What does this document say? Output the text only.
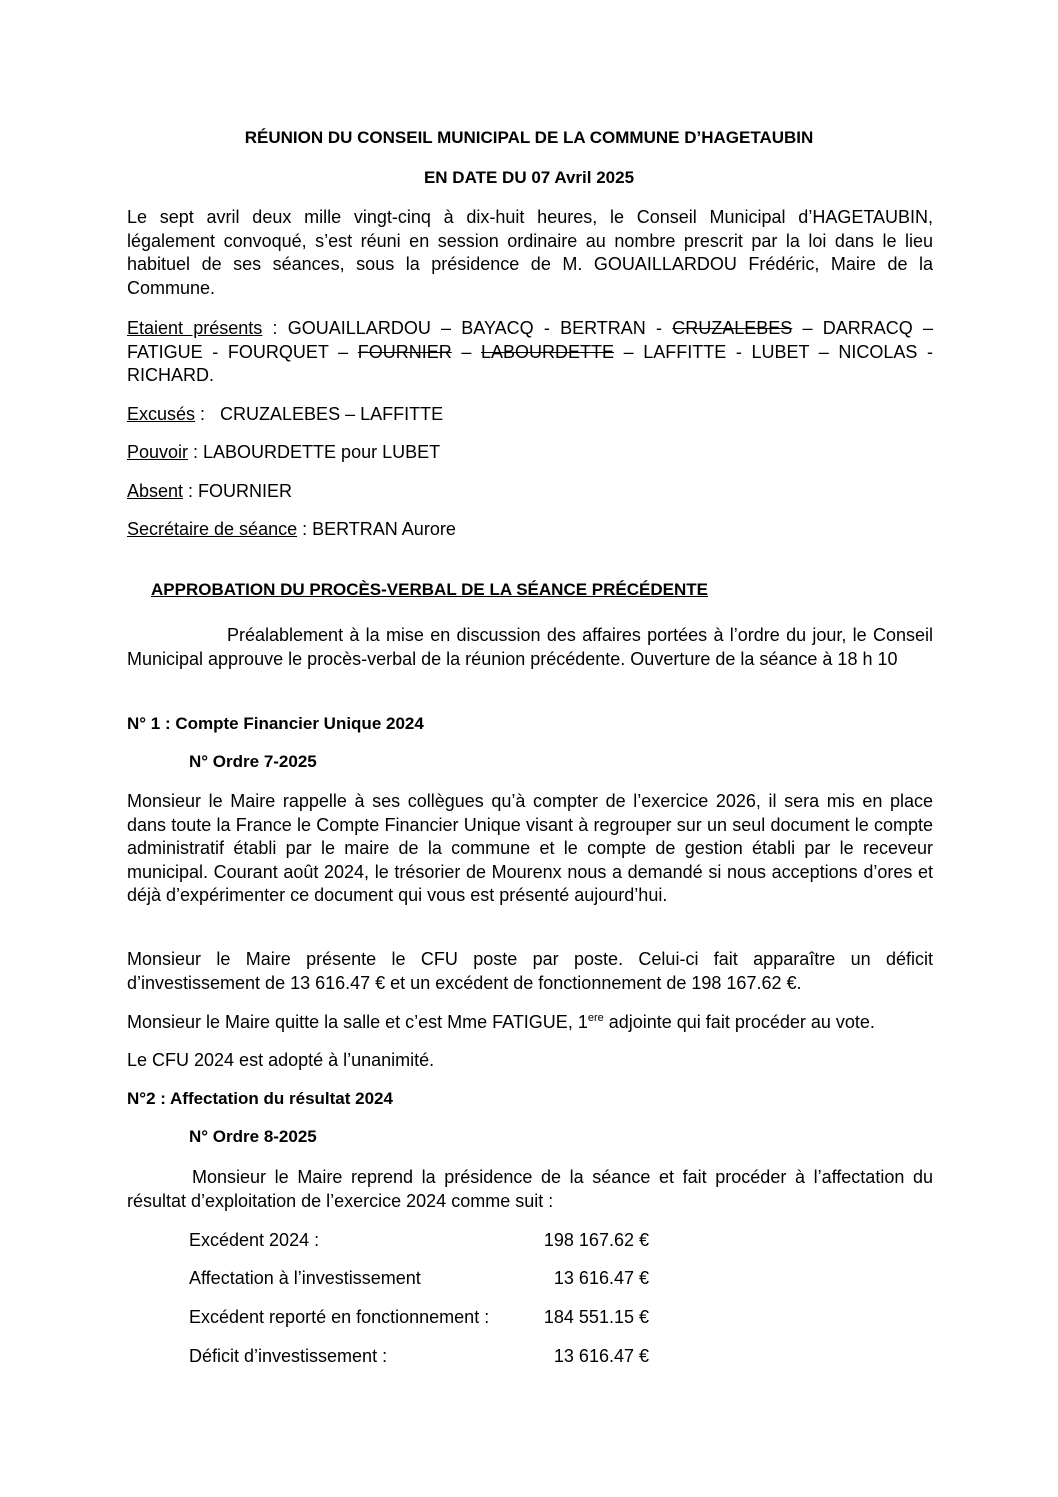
RÉUNION DU CONSEIL MUNICIPAL DE LA COMMUNE D’HAGETAUBIN

EN DATE DU 07 Avril 2025

Le sept avril deux mille vingt-cinq à dix-huit heures, le Conseil Municipal d’HAGETAUBIN, légalement convoqué, s’est réuni en session ordinaire au nombre prescrit par la loi dans le lieu habituel de ses séances, sous la présidence de M. GOUAILLARDOU Frédéric, Maire de la Commune.

Etaient présents : GOUAILLARDOU – BAYACQ - BERTRAN - CRUZALEBES – DARRACQ – FATIGUE - FOURQUET – FOURNIER – LABOURDETTE – LAFFITTE - LUBET – NICOLAS - RICHARD.

Excusés :   CRUZALEBES – LAFFITTE

Pouvoir : LABOURDETTE pour LUBET

Absent : FOURNIER

Secrétaire de séance : BERTRAN Aurore

APPROBATION DU PROCÈS-VERBAL DE LA SÉANCE PRÉCÉDENTE

Préalablement à la mise en discussion des affaires portées à l’ordre du jour, le Conseil Municipal approuve le procès-verbal de la réunion précédente. Ouverture de la séance à 18 h 10

N° 1 : Compte Financier Unique 2024

N° Ordre 7-2025

Monsieur le Maire rappelle à ses collègues qu’à compter de l’exercice 2026, il sera mis en place dans toute la France le Compte Financier Unique visant à regrouper sur un seul document le compte administratif établi par le maire de la commune et le compte de gestion établi par le receveur municipal. Courant août 2024, le trésorier de Mourenx nous a demandé si nous acceptions d’ores et déjà d’expérimenter ce document qui vous est présenté aujourd’hui.

Monsieur le Maire présente le CFU poste par poste. Celui-ci fait apparaître un déficit d’investissement de 13 616.47 € et un excédent de fonctionnement de 198 167.62 €.

Monsieur le Maire quitte la salle et c’est Mme FATIGUE, 1ere adjointe qui fait procéder au vote.

Le CFU 2024 est adopté à l’unanimité.

N°2 : Affectation du résultat 2024

N° Ordre 8-2025

Monsieur le Maire reprend la présidence de la séance et fait procéder à l’affectation du résultat d’exploitation de l’exercice 2024 comme suit :

Excédent 2024 :	198 167.62 €
Affectation à l’investissement	13 616.47 €
Excédent reporté en fonctionnement :	184 551.15 €
Déficit d’investissement :	13 616.47 €
